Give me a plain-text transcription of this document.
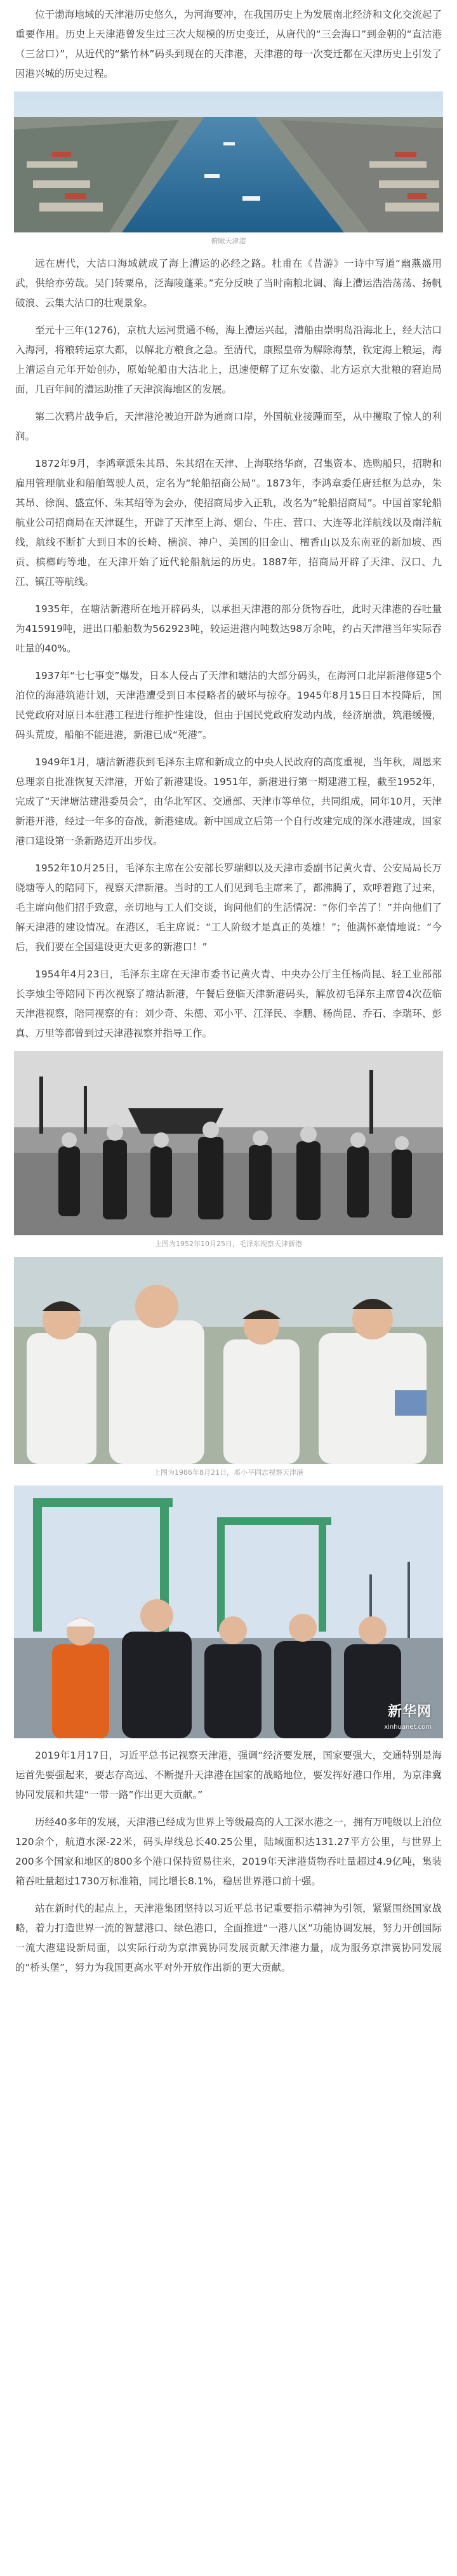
位于渤海地域的天津港历史悠久，为河海要冲，在我国历史上为发展南北经济和文化交流起了重要作用。历史上天津港曾发生过三次大规模的历史变迁，从唐代的“三会海口”到金朝的“直沽港（三岔口）”，从近代的“紫竹林”码头到现在的天津港，天津港的每一次变迁都在天津历史上引发了因港兴城的历史过程。

俯瞰天津港

远在唐代，大沽口海域就成了海上漕运的必经之路。杜甫在《昔游》一诗中写道“幽燕盛用武，供给亦劳哉。吴门转粟帛，泛海陵蓬莱。”充分反映了当时南粮北调、海上漕运浩浩荡荡、扬帆破浪、云集大沽口的壮观景象。

至元十三年(1276)，京杭大运河贯通不畅，海上漕运兴起，漕船由崇明岛沿海北上，经大沽口入海河，将粮转运京大都，以解北方粮食之急。至清代，康熙皇帝为解除海禁，钦定海上粮运，海上漕运自元年开始创办，原始轮船由大沽北上，迅速便解了辽东安徽、北方运京大批粮的窘迫局面，几百年间的漕运助推了天津滨海地区的发展。

第二次鸦片战争后，天津港沦被迫开辟为通商口岸，外国航业接踵而至，从中攫取了惊人的利润。

1872年9月，李鸿章派朱其昂、朱其绍在天津、上海联络华商，召集资本、选购船只，招聘和雇用管理航业和船舶驾驶人员，定名为“轮船招商公局”。1873年，李鸿章委任唐廷枢为总办，朱其昂、徐润、盛宣怀、朱其绍等为会办，使招商局步入正轨，改名为“轮船招商局”。中国首家轮船航业公司招商局在天津诞生，开辟了天津至上海、烟台、牛庄、营口、大连等北洋航线以及南洋航线，航线不断扩大到日本的长崎、横滨、神户、美国的旧金山、檀香山以及东南亚的新加坡、西贡、槟榔屿等地，在天津开始了近代轮船航运的历史。1887年，招商局开辟了天津、汉口、九江、镇江等航线。

1935年，在塘沽新港所在地开辟码头，以承担天津港的部分货物吞吐，此时天津港的吞吐量为415919吨，进出口船舶数为562923吨，较运进港内吨数达98万余吨，约占天津港当年实际吞吐量的40%。

1937年“七七事变”爆发，日本人侵占了天津和塘沽的大部分码头，在海河口北岸新港修建5个泊位的海港筑港计划，天津港遭受到日本侵略者的破坏与掠夺。1945年8月15日日本投降后，国民党政府对原日本驻港工程进行维护性建设，但由于国民党政府发动内战，经济崩溃，筑港缓慢，码头荒废，船舶不能进港，新港已成“死港”。

1949年1月，塘沽新港获到毛泽东主席和新成立的中央人民政府的高度重视，当年秋，周恩来总理亲自批准恢复天津港，开始了新港建设。1951年，新港进行第一期建港工程，截至1952年，完成了“天津塘沽建港委员会”，由华北军区、交通部、天津市等单位，共同组成，同年10月，天津新港开港，经过一年多的奋战，新港建成。新中国成立后第一个自行改建完成的深水港建成，国家港口建设第一条新路迈开出步伐。

1952年10月25日，毛泽东主席在公安部长罗瑞卿以及天津市委副书记黄火青、公安局局长万晓塘等人的陪同下，视察天津新港。当时的工人们见到毛主席来了，都沸腾了，欢呼着跑了过来，毛主席向他们招手致意，亲切地与工人们交谈，询问他们的生活情况：“你们辛苦了！”并向他们了解天津港的建设情况。在港区，毛主席说：“工人阶级才是真正的英雄！”；他满怀豪情地说：“今后，我们要在全国建设更大更多的新港口！”

1954年4月23日，毛泽东主席在天津市委书记黄火青、中央办公厅主任杨尚昆、轻工业部部长李烛尘等陪同下再次视察了塘沽新港，午餐后登临天津新港码头，解放初毛泽东主席曾4次莅临天津港视察，陪同视察的有：刘少奇、朱德、邓小平、江泽民、李鹏、杨尚昆、乔石、李瑞环、彭真、万里等都曾到过天津港视察并指导工作。

上图为1952年10月25日，毛泽东视察天津新港

上图为1986年8月21日，邓小平同志视察天津港

新华网
xinhuanet.com

2019年1月17日，习近平总书记视察天津港，强调“经济要发展，国家要强大，交通特别是海运首先要强起来，要志存高远、不断提升天津港在国家的战略地位，要发挥好港口作用，为京津冀协同发展和共建“一带一路”作出更大贡献。”

历经40多年的发展，天津港已经成为世界上等级最高的人工深水港之一，拥有万吨级以上泊位120余个，航道水深-22米，码头岸线总长40.25公里，陆域面积达131.27平方公里，与世界上200多个国家和地区的800多个港口保持贸易往来，2019年天津港货物吞吐量超过4.9亿吨，集装箱吞吐量超过1730万标准箱，同比增长8.1%，稳居世界港口前十强。

站在新时代的起点上，天津港集团坚持以习近平总书记重要指示精神为引领，紧紧围绕国家战略，着力打造世界一流的智慧港口、绿色港口，全面推进“一港八区”功能协调发展，努力开创国际一流大港建设新局面，以实际行动为京津冀协同发展贡献天津港力量，成为服务京津冀协同发展的“桥头堡”，努力为我国更高水平对外开放作出新的更大贡献。
